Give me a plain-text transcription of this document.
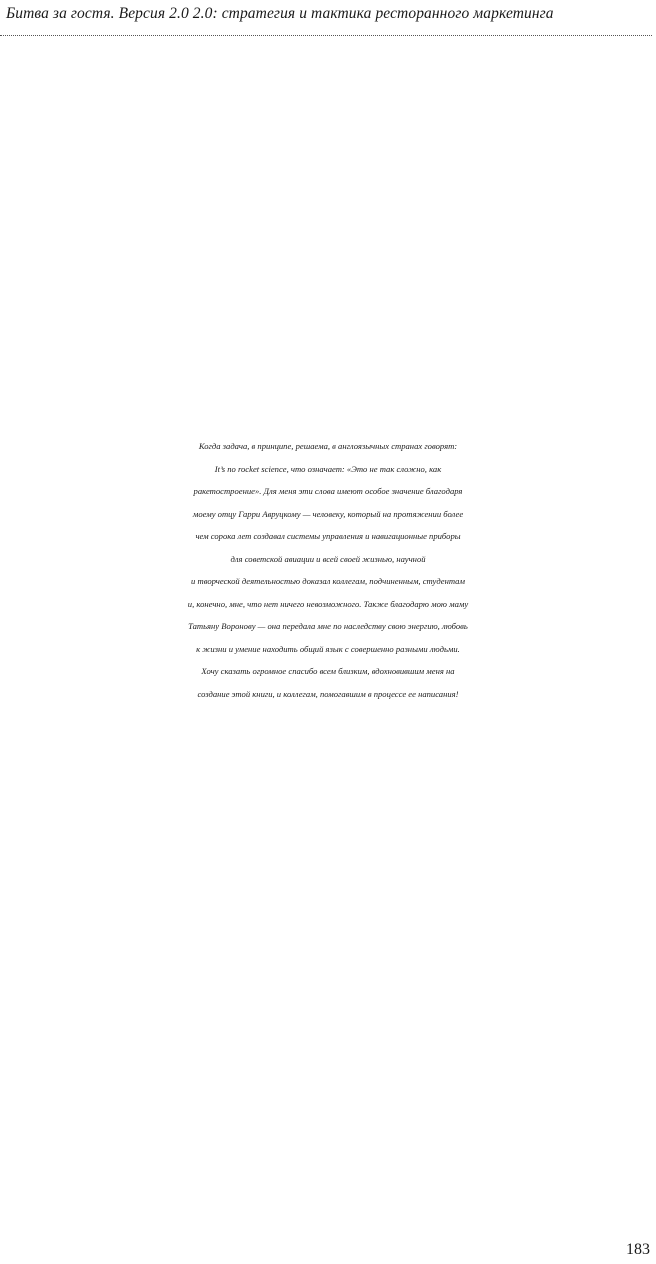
Битва за гостя. Версия 2.0 2.0: стратегия и тактика ресторанного маркетинга
Когда задача, в принципе, решаема, в англоязычных странах говорят:
It’s no rocket science, что означает: «Это не так сложно, как
ракетостроение». Для меня эти слова имеют особое значение благодаря
моему отцу Гарри Авруцкому — человеку, который на протяжении более
чем сорока лет создавал системы управления и навигационные приборы
для советской авиации и всей своей жизнью, научной
и творческой деятельностью доказал коллегам, подчиненным, студентам
и, конечно, мне, что нет ничего невозможного. Также благодарю мою маму
Татьяну Воронову — она передала мне по наследству свою энергию, любовь
к жизни и умение находить общий язык с совершенно разными людьми.
Хочу сказать огромное спасибо всем близким, вдохновившим меня на
создание этой книги, и коллегам, помогавшим в процессе ее написания!
183
